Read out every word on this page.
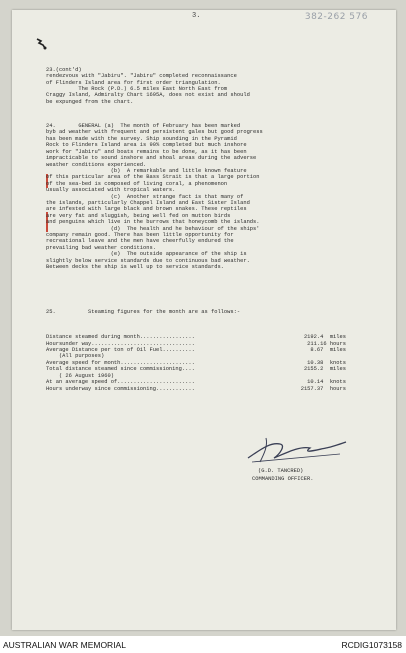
3.	382-262 576

23.(cont'd)
rendezvous with "Jabiru". "Jabiru" completed reconnaissance
of Flinders Island area for first order triangulation.
The Rock (P.D.) 6.5 miles East North East from
Craggy Island, Admiralty Chart 1695A, does not exist and should
be expunged from the chart.

24.       GENERAL (a)  The month of February has been marked
byb ad weather with frequent and persistent gales but good progress
has been made with the survey. Ship sounding in the Pyramid
Rock to Flinders Island area is 90% completed but much inshore
work for "Jabiru" and boats remains to be done, as it has been
impracticable to sound inshore and shoal areas during the adverse
weather conditions experienced.
(b)  A remarkable and little known feature
of this particular area of the Bass Strait is that a large portion
of the sea-bed is composed of living coral, a phenomenon
usually associated with tropical waters.
(c)  Another strange fact is that many of
the islands, particularly Chappel Island and East Sister Island
are infested with large black and brown snakes. These reptiles
are very fat and sluggish, being well fed on mutton birds
and penguins which live in the burrows that honeycomb the islands.
(d)  The health and he behaviour of the ships'
company remain good. There has been little opportunity for
recreational leave and the men have cheerfully endured the
prevailing bad weather conditions.
(e)  The outside appearance of the ship is
slightly below service standards due to continuous bad weather.
Between decks the ship is well up to service standards.

25.          Steaming figures for the month are as follows:-

Distance steamed during month.................	2192.4  miles
Hoursunder way................................	211.16 hours
Average Distance per ton of Oil Fuel..........	8.67  miles
(All purposes)
Average speed for month.......................	10.38  knots
Total distance steamed since commissioning....	2155.2  miles
( 26 August 1960)
At an average speed of........................	10.14  knots
Hours underway since commissioning............	2157.37  hours

(G.D. TANCRED)
COMMANDING OFFICER.
AUSTRALIAN WAR MEMORIAL	RCDIG1073158
